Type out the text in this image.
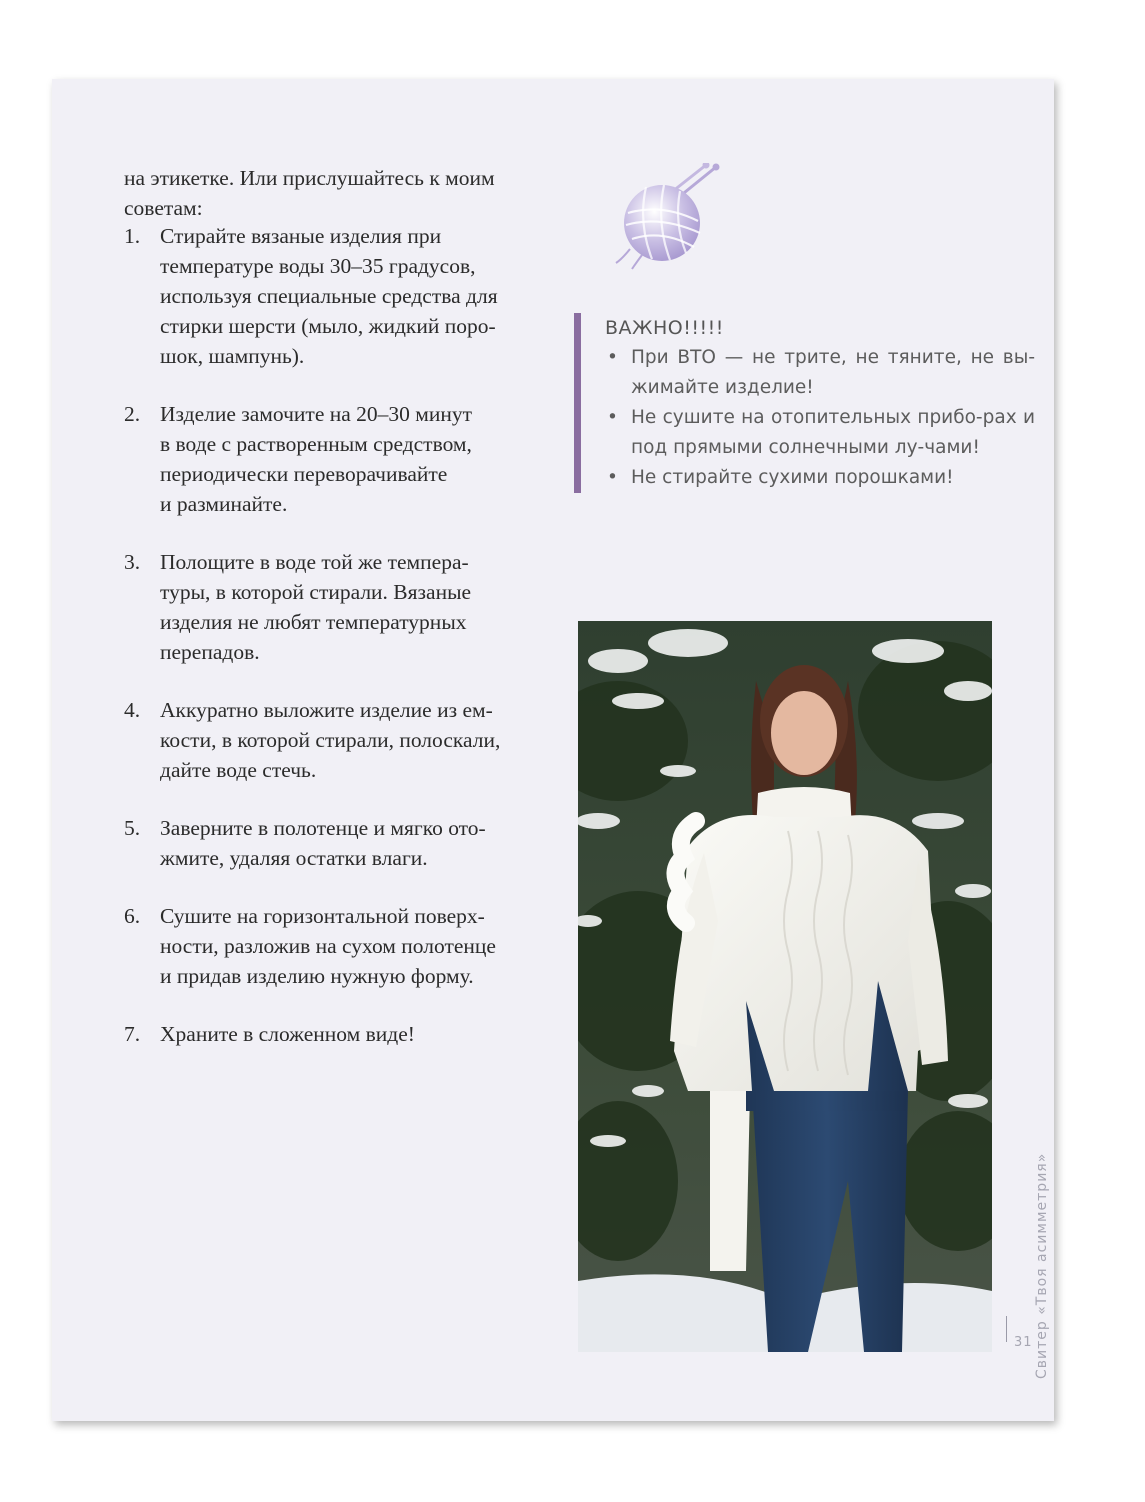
на этикетке. Или прислушайтесь к моим
советам:

1. Стирайте вязаные изделия при
температуре воды 30–35 градусов,
используя специальные средства для
стирки шерсти (мыло, жидкий поро-
шок, шампунь).
2. Изделие замочите на 20–30 минут
в воде с растворенным средством,
периодически переворачивайте
и разминайте.
3. Полощите в воде той же темпера-
туры, в которой стирали. Вязаные
изделия не любят температурных
перепадов.
4. Аккуратно выложите изделие из ем-
кости, в которой стирали, полоскали,
дайте воде стечь.
5. Заверните в полотенце и мягко ото-
жмите, удаляя остатки влаги.
6. Сушите на горизонтальной поверх-
ности, разложив на сухом полотенце
и придав изделию нужную форму.
7. Храните в сложенном виде!
ВАЖНО!!!!!
• При ВТО — не трите, не тяните, не вы-жимайте изделие!
• Не сушите на отопительных прибо-рах и под прямыми солнечными лу-чами!
• Не стирайте сухими порошками!
Свитер «Твоя асимметрия»
31
